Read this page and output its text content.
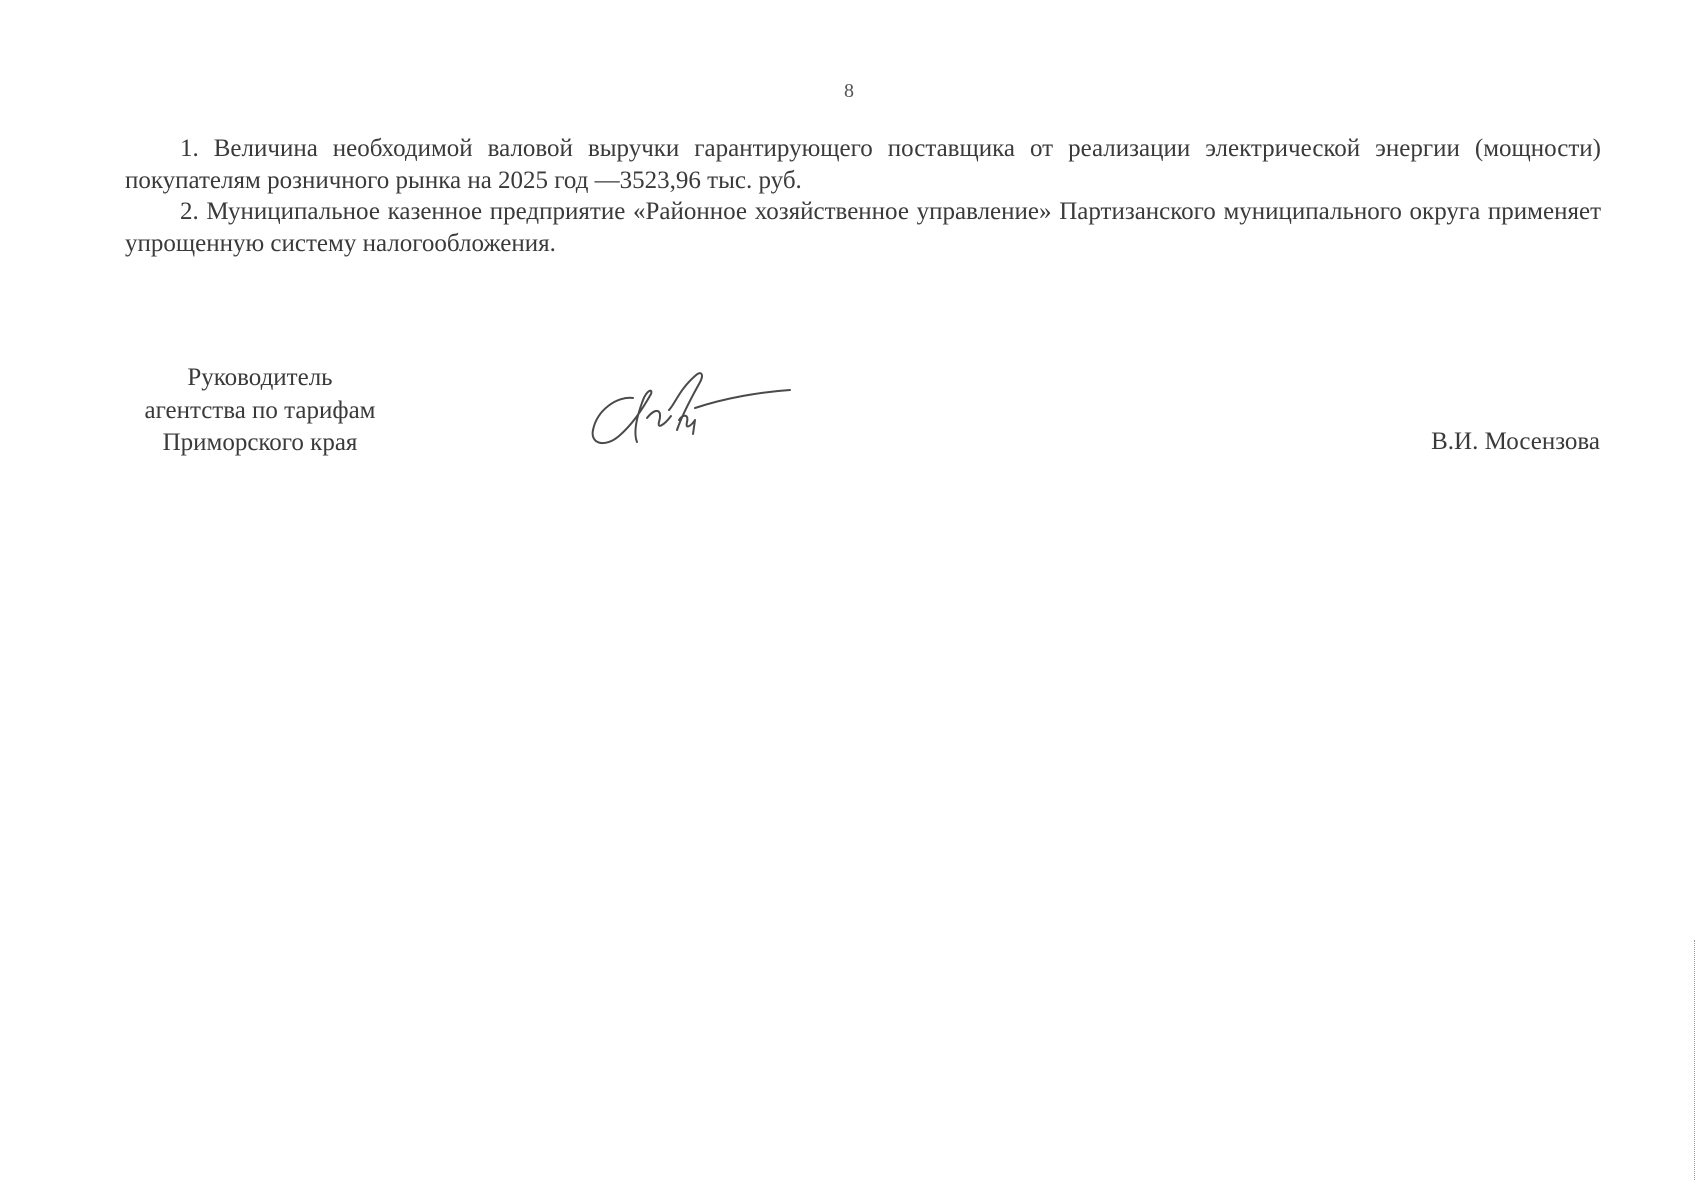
8

1. Величина необходимой валовой выручки гарантирующего поставщика от реализации электрической энергии (мощности) покупателям розничного рынка на 2025 год —3523,96 тыс. руб.

2. Муниципальное казенное предприятие «Районное хозяйственное управление» Партизанского муниципального округа применяет упрощенную систему налогообложения.

Руководитель
агентства по тарифам
Приморского края	В.И. Мосензова
